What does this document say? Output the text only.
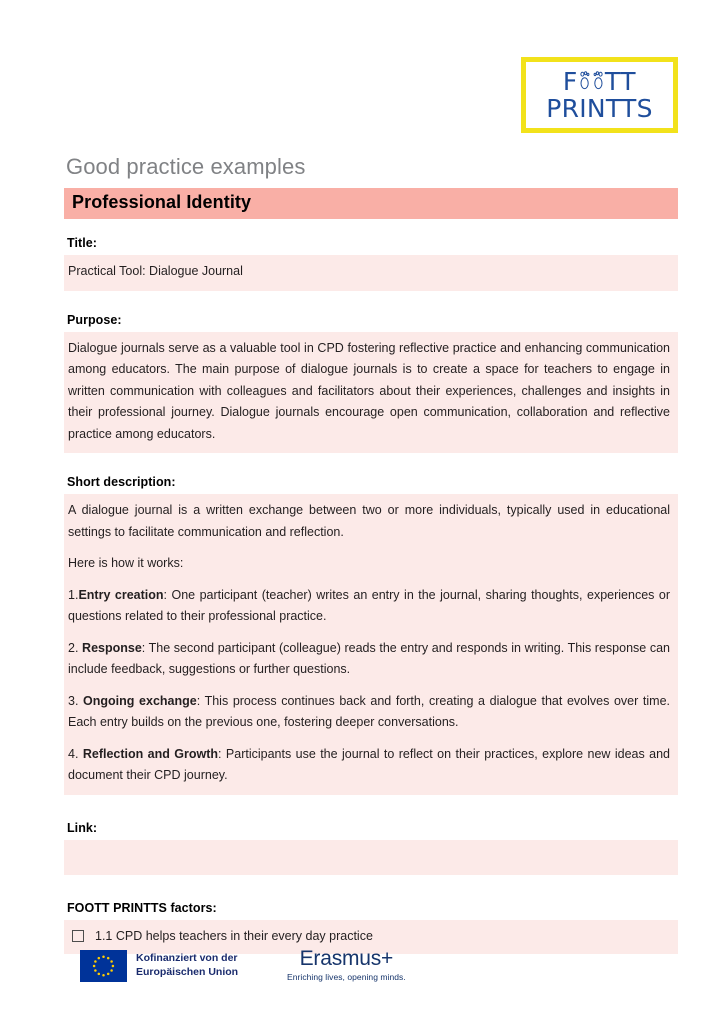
F TT
PRINTTS
Good practice examples
Professional Identity
Title:

Practical Tool: Dialogue Journal

Purpose:

Dialogue journals serve as a valuable tool in CPD fostering reflective practice and enhancing communication among educators. The main purpose of dialogue journals is to create a space for teachers to engage in written communication with colleagues and facilitators about their experiences, challenges and insights in their professional journey. Dialogue journals encourage open communication, collaboration and reflective practice among educators.

Short description:

A dialogue journal is a written exchange between two or more individuals, typically used in educational settings to facilitate communication and reflection.

Here is how it works:

1.Entry creation: One participant (teacher) writes an entry in the journal, sharing thoughts, experiences or questions related to their professional practice.

2. Response: The second participant (colleague) reads the entry and responds in writing. This response can include feedback, suggestions or further questions.

3. Ongoing exchange: This process continues back and forth, creating a dialogue that evolves over time. Each entry builds on the previous one, fostering deeper conversations.

4. Reflection and Growth: Participants use the journal to reflect on their practices, explore new ideas and document their CPD journey.

Link:

FOOTT PRINTTS factors:
1.1 CPD helps teachers in their every day practice
Kofinanziert von der
Europäischen Union
Erasmus+
Enriching lives, opening minds.
